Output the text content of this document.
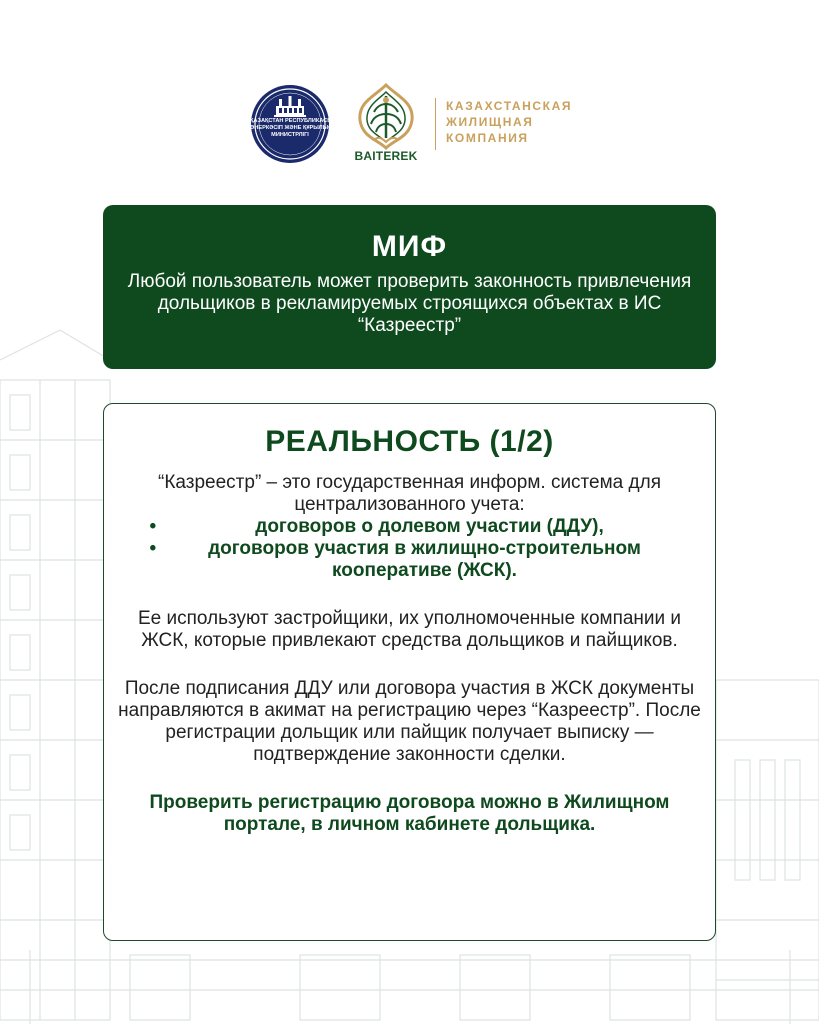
ҚАЗАҚСТАН РЕСПУБЛИКАСЫ
ӨНЕРКӘСІП ЖӘНЕ ҚҰРЫЛЫС
МИНИСТРЛІГІ
BAITEREK
КАЗАХСТАНСКАЯ
ЖИЛИЩНАЯ
КОМПАНИЯ
МИФ
Любой пользователь может проверить законность привлечения дольщиков в рекламируемых строящихся объектах в ИС “Казреестр”
РЕАЛЬНОСТЬ (1/2)
“Казреестр” – это государственная информ. система для централизованного учета:
•	договоров о долевом участии (ДДУ),
•	договоров участия в жилищно-строительном кооперативе (ЖСК).
Ее используют застройщики, их уполномоченные компании и ЖСК, которые привлекают средства дольщиков и пайщиков.
После подписания ДДУ или договора участия в ЖСК документы направляются в акимат на регистрацию через “Казреестр”. После регистрации дольщик или пайщик получает выписку — подтверждение законности сделки.
Проверить регистрацию договора можно в Жилищном портале, в личном кабинете дольщика.
